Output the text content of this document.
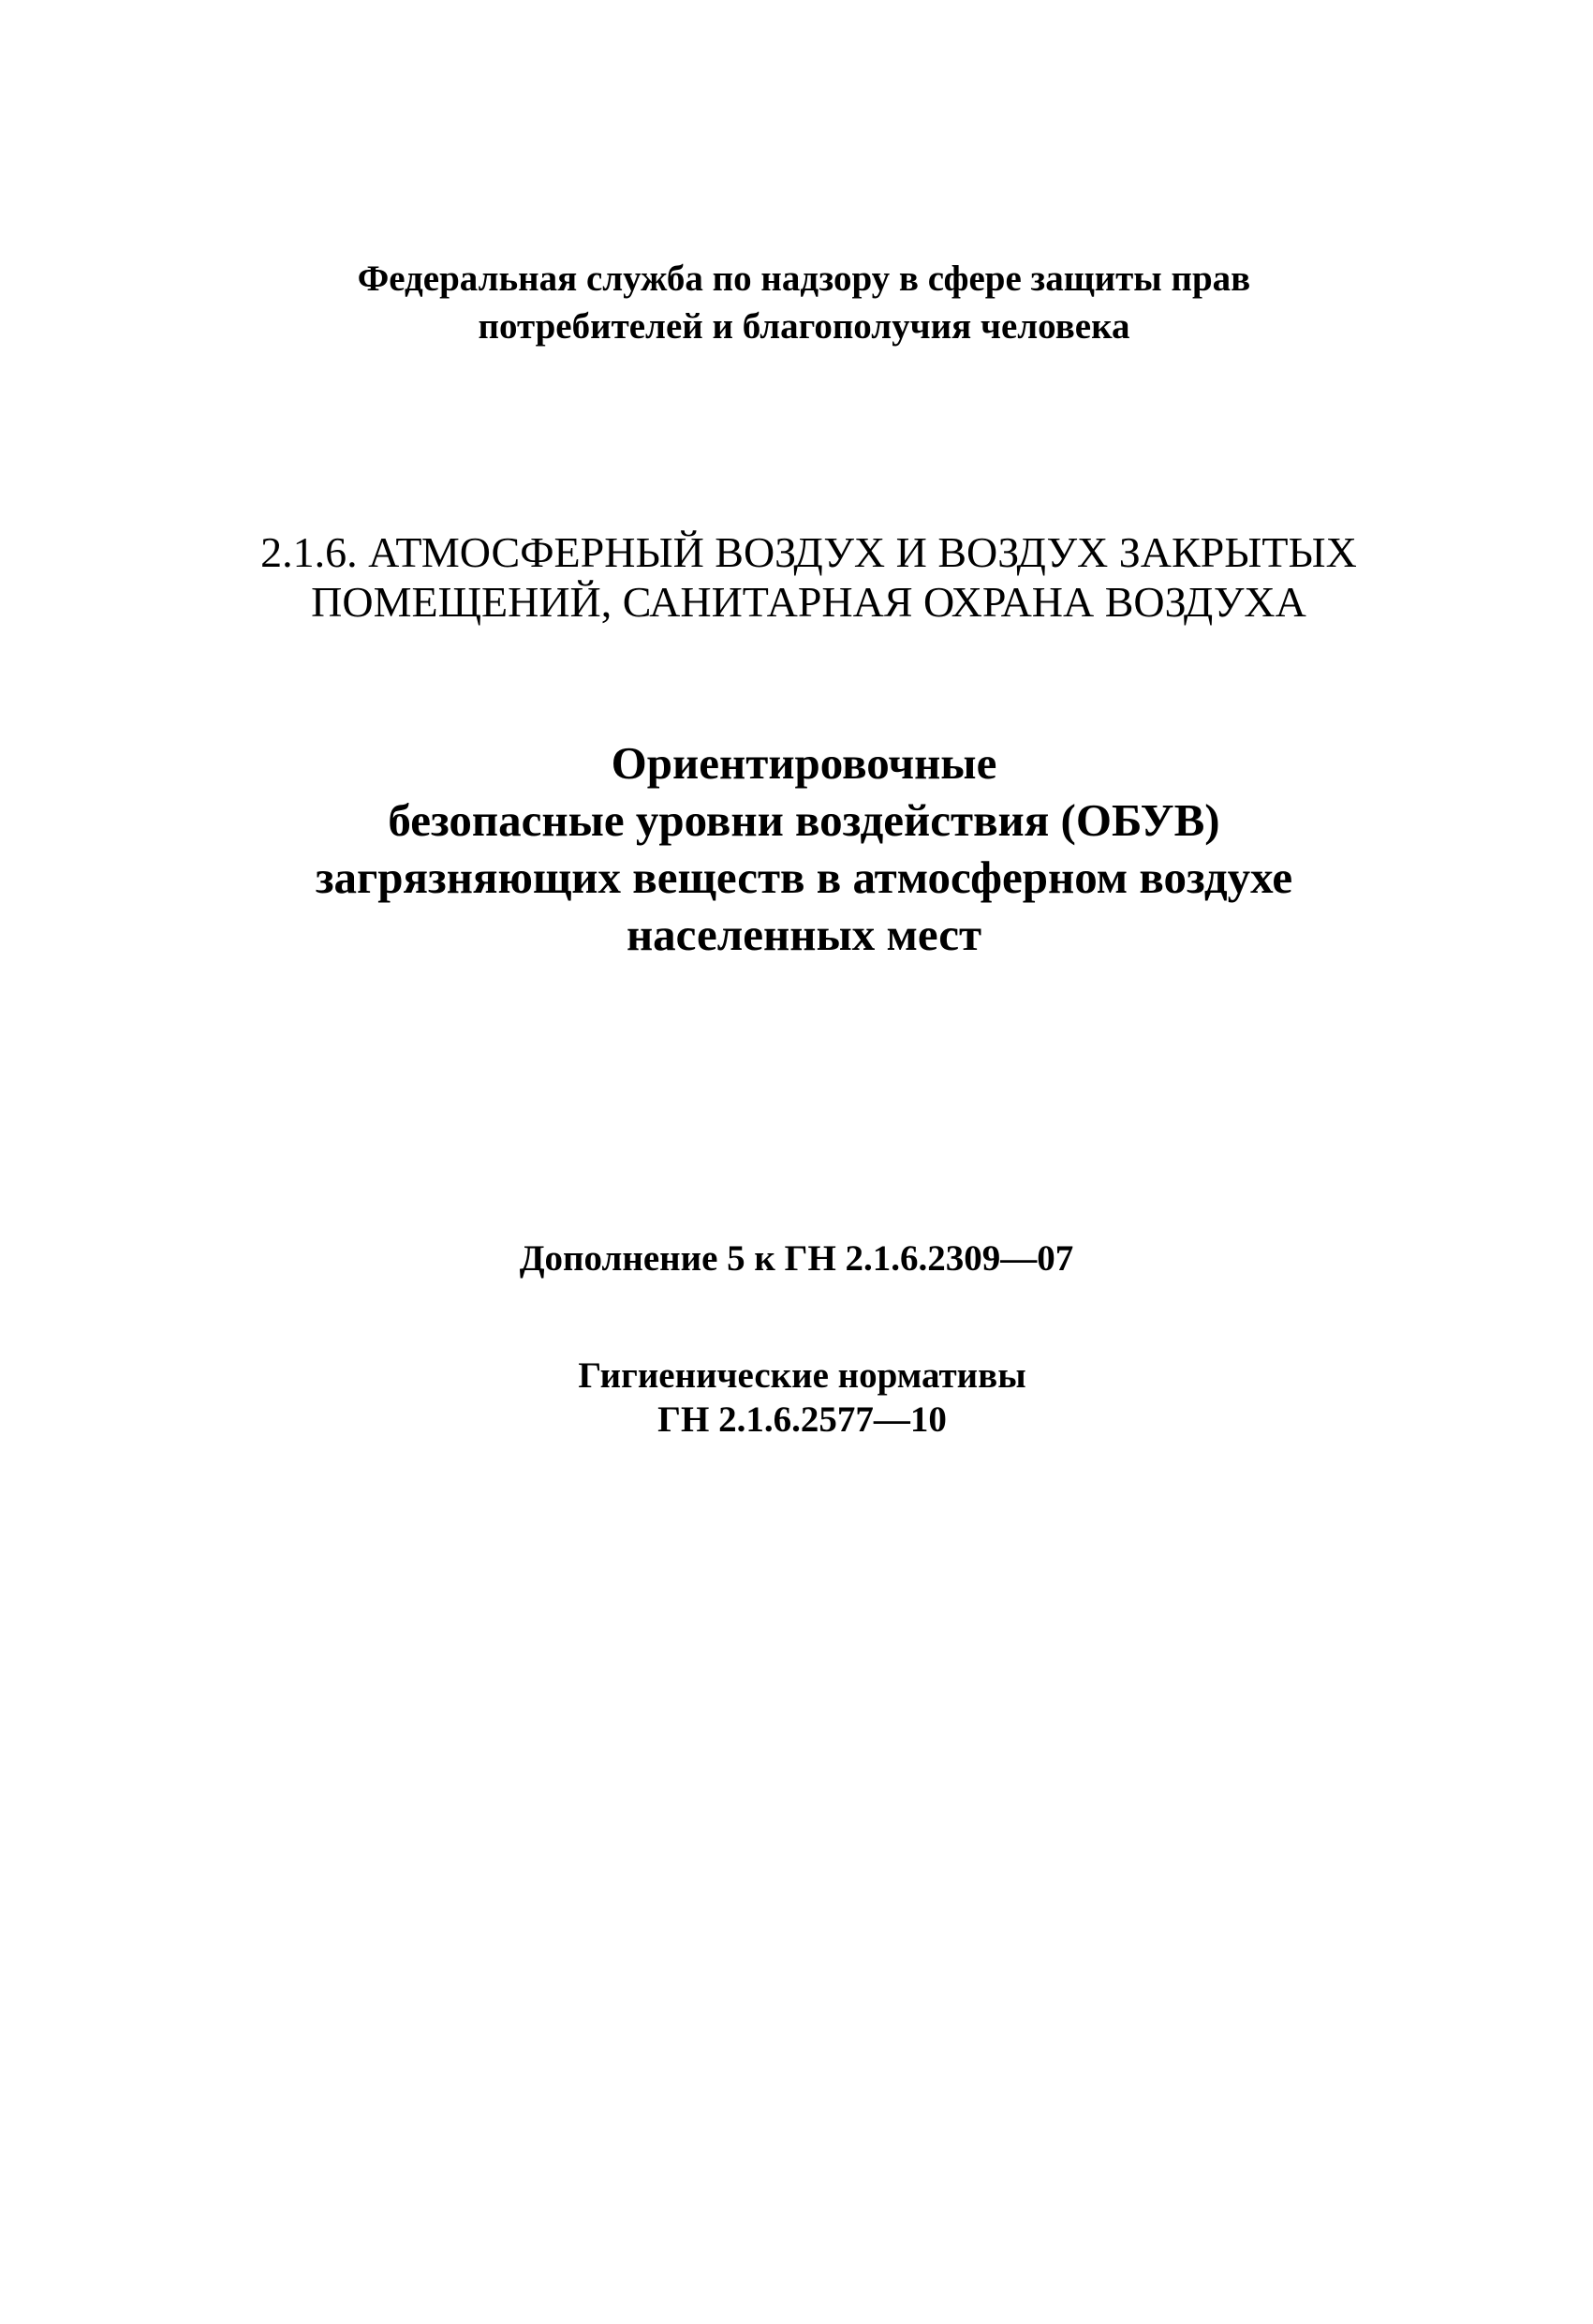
Федеральная служба по надзору в сфере защиты прав
потребителей и благополучия человека
2.1.6. АТМОСФЕРНЫЙ ВОЗДУХ И ВОЗДУХ ЗАКРЫТЫХ
ПОМЕЩЕНИЙ, САНИТАРНАЯ ОХРАНА ВОЗДУХА
Ориентировочные
безопасные уровни воздействия (ОБУВ)
загрязняющих веществ в атмосферном воздухе
населенных мест
Дополнение 5 к ГН 2.1.6.2309—07
Гигиенические нормативы
ГН 2.1.6.2577—10
